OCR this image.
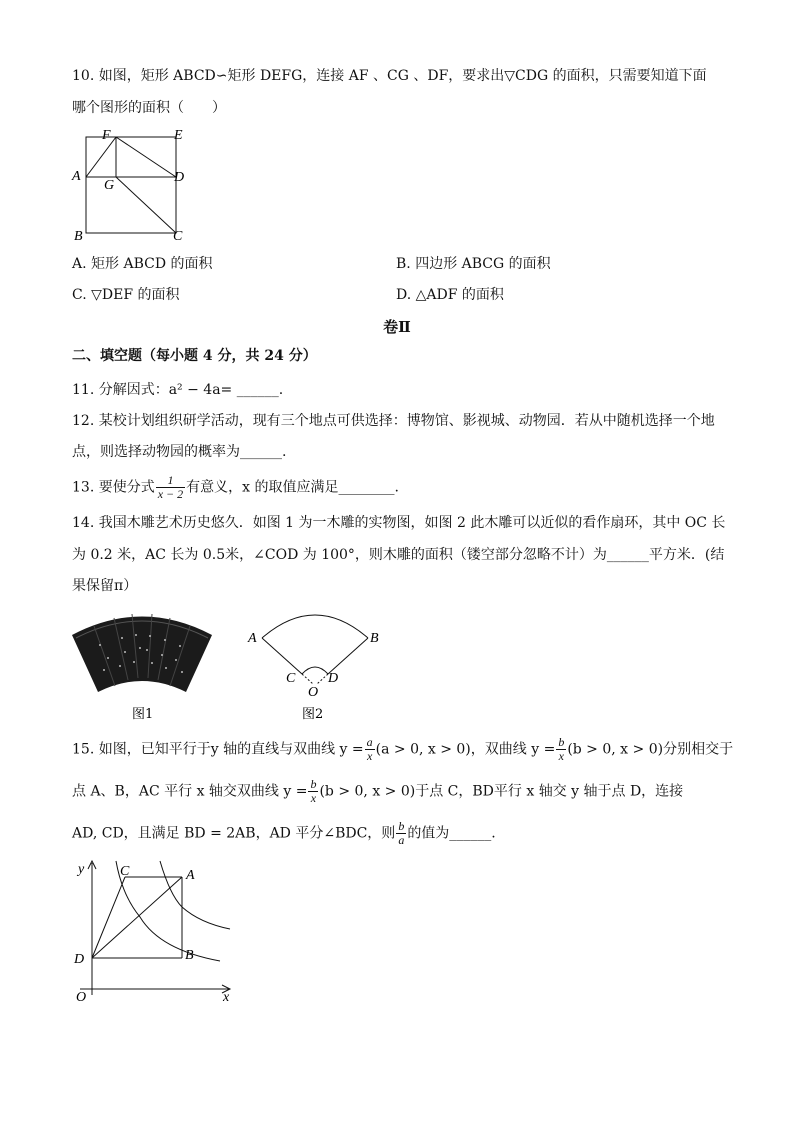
10. 如图，矩形 ABCD∽矩形 DEFG，连接 AF 、CG 、DF，要求出▽CDG 的面积，只需要知道下面
哪个图形的面积（　　）
F	E
A
G
D
B	C
A. 矩形 ABCD 的面积	B. 四边形 ABCG 的面积
C. ▽DEF 的面积	D. △ADF 的面积
卷Ⅱ
二、填空题（每小题 4 分，共 24 分）
11. 分解因式：a² − 4a= ______.
12. 某校计划组织研学活动，现有三个地点可供选择：博物馆、影视城、动物园．若从中随机选择一个地
点，则选择动物园的概率为______.
13. 要使分式 $\frac{1}{x - 2}$ 有意义，x 的取值应满足________.
14. 我国木雕艺术历史悠久．如图 1 为一木雕的实物图，如图 2 此木雕可以近似的看作扇环，其中 OC 长
为 0.2 米，AC 长为 0.5米，∠COD 为 100°，则木雕的面积（镂空部分忽略不计）为______平方米．(结
果保留π）
图1
A	B
C D
O
图2
15. 如图，已知平行于y 轴的直线与双曲线 $y = \frac{a}{x} (a > 0$, x > 0)，双曲线 $y = \frac{b}{x} (b > 0$, x > 0)分别相交于
点 A、B，AC 平行 x 轴交双曲线 $y = \frac{b}{x} (b > 0$, x > 0)于点 C，BD平行 x 轴交 y 轴于点 D，连接
AD, CD，且满足 BD = 2AB，AD 平分∠BDC，则 $\frac{b}{a}$ 的值为______.
y
x
O
C	A
D	B
